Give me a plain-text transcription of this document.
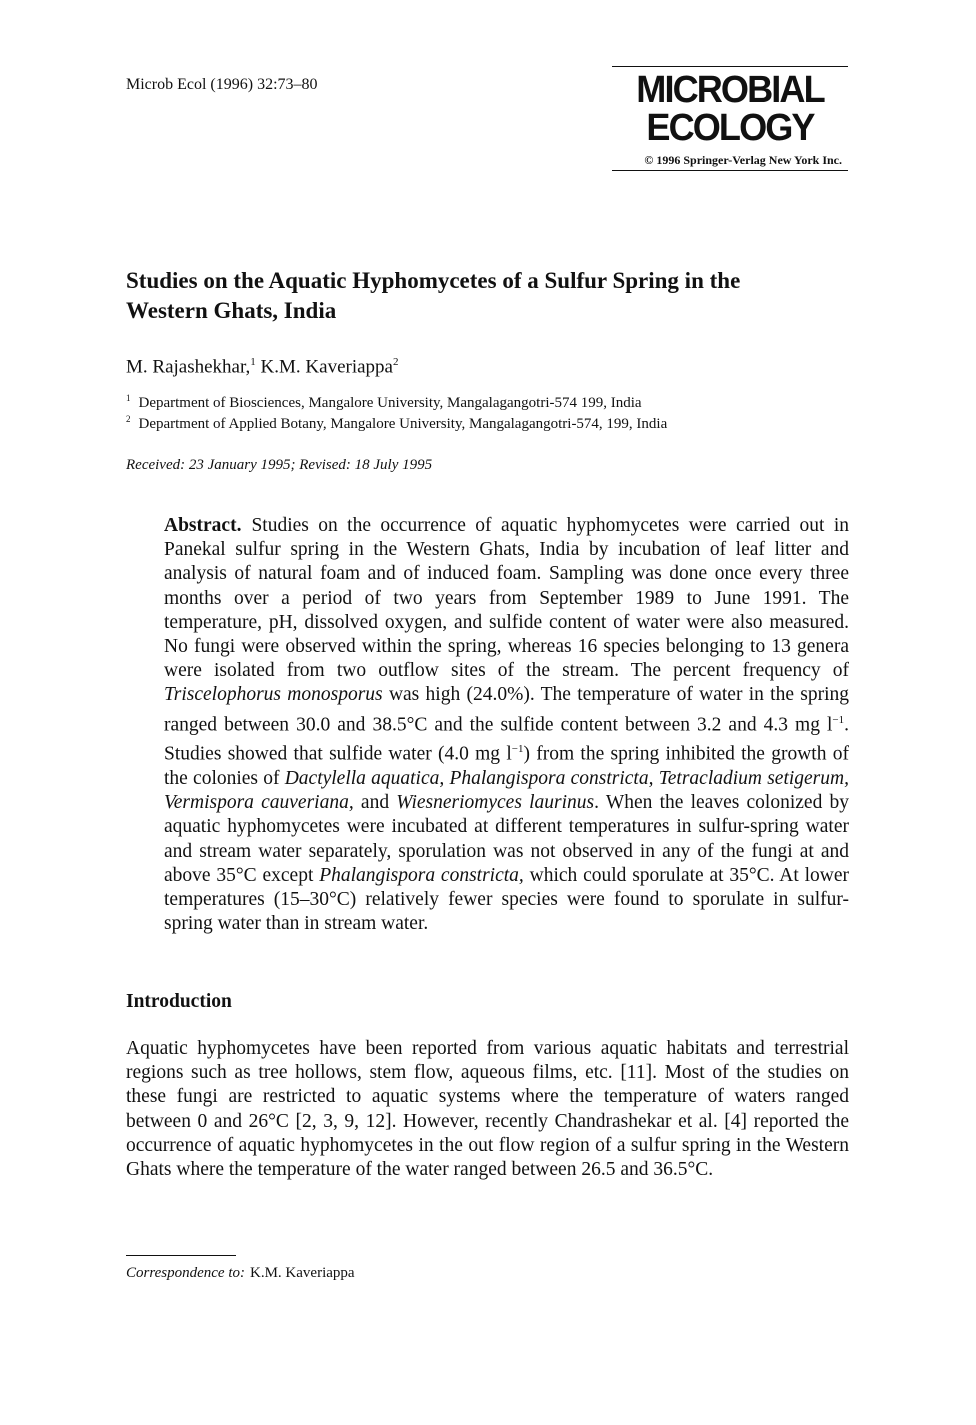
Microb Ecol (1996) 32:73–80	MICROBIAL
ECOLOGY
© 1996 Springer-Verlag New York Inc.
Studies on the Aquatic Hyphomycetes of a Sulfur Spring in the Western Ghats, India
M. Rajashekhar,$^1$ K.M. Kaveriappa$^2$
$^1$ Department of Biosciences, Mangalore University, Mangalagangotri-574 199, India
$^2$ Department of Applied Botany, Mangalore University, Mangalagangotri-574, 199, India
Received: 23 January 1995; Revised: 18 July 1995
Abstract. Studies on the occurrence of aquatic hyphomycetes were carried out in Panekal sulfur spring in the Western Ghats, India by incubation of leaf litter and analysis of natural foam and of induced foam. Sampling was done once every three months over a period of two years from September 1989 to June 1991. The temperature, pH, dissolved oxygen, and sulfide content of water were also measured. No fungi were observed within the spring, whereas 16 species belonging to 13 genera were isolated from two outflow sites of the stream. The percent frequency of Triscelophorus monosporus was high (24.0%). The temperature of water in the spring ranged between 30.0 and 38.5°C and the sulfide content between 3.2 and 4.3 mg $l^{-1}$. Studies showed that sulfide water (4.0 mg $l^{-1}$) from the spring inhibited the growth of the colonies of Dactylella aquatica, Phalangispora constricta, Tetracladium setigerum, Vermispora cauveriana, and Wiesneriomyces laurinus. When the leaves colonized by aquatic hyphomycetes were incubated at different temperatures in sulfur-spring water and stream water separately, sporulation was not observed in any of the fungi at and above 35°C except Phalangispora constricta, which could sporulate at 35°C. At lower temperatures (15–30°C) relatively fewer species were found to sporulate in sulfur-spring water than in stream water.
Introduction
Aquatic hyphomycetes have been reported from various aquatic habitats and terrestrial regions such as tree hollows, stem flow, aqueous films, etc. [11]. Most of the studies on these fungi are restricted to aquatic systems where the temperature of waters ranged between 0 and 26°C [2, 3, 9, 12]. However, recently Chandrashekar et al. [4] reported the occurrence of aquatic hyphomycetes in the out flow region of a sulfur spring in the Western Ghats where the temperature of the water ranged between 26.5 and 36.5°C.
Correspondence to: K.M. Kaveriappa
